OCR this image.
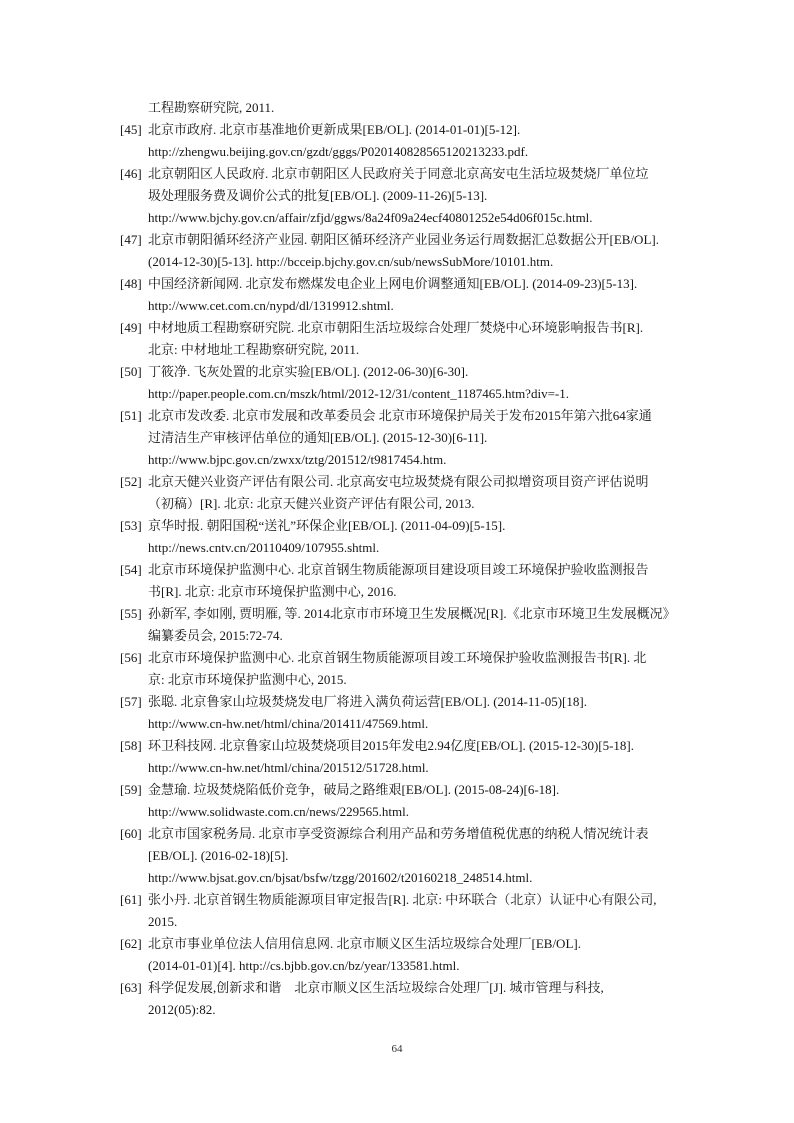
工程勘察研究院, 2011.
[45] 北京市政府. 北京市基准地价更新成果[EB/OL]. (2014-01-01)[5-12].
http://zhengwu.beijing.gov.cn/gzdt/gggs/P020140828565120213233.pdf.
[46] 北京朝阳区人民政府. 北京市朝阳区人民政府关于同意北京高安屯生活垃圾焚烧厂单位垃
圾处理服务费及调价公式的批复[EB/OL]. (2009-11-26)[5-13].
http://www.bjchy.gov.cn/affair/zfjd/ggws/8a24f09a24ecf40801252e54d06f015c.html.
[47] 北京市朝阳循环经济产业园. 朝阳区循环经济产业园业务运行周数据汇总数据公开[EB/OL].
(2014-12-30)[5-13]. http://bcceip.bjchy.gov.cn/sub/newsSubMore/10101.htm.
[48] 中国经济新闻网. 北京发布燃煤发电企业上网电价调整通知[EB/OL]. (2014-09-23)[5-13].
http://www.cet.com.cn/nypd/dl/1319912.shtml.
[49] 中材地质工程勘察研究院. 北京市朝阳生活垃圾综合处理厂焚烧中心环境影响报告书[R].
北京: 中材地址工程勘察研究院, 2011.
[50] 丁筱净. 飞灰处置的北京实验[EB/OL]. (2012-06-30)[6-30].
http://paper.people.com.cn/mszk/html/2012-12/31/content_1187465.htm?div=-1.
[51] 北京市发改委. 北京市发展和改革委员会 北京市环境保护局关于发布2015年第六批64家通
过清洁生产审核评估单位的通知[EB/OL]. (2015-12-30)[6-11].
http://www.bjpc.gov.cn/zwxx/tztg/201512/t9817454.htm.
[52] 北京天健兴业资产评估有限公司. 北京高安屯垃圾焚烧有限公司拟增资项目资产评估说明
（初稿）[R]. 北京: 北京天健兴业资产评估有限公司, 2013.
[53] 京华时报. 朝阳国税“送礼”环保企业[EB/OL]. (2011-04-09)[5-15].
http://news.cntv.cn/20110409/107955.shtml.
[54] 北京市环境保护监测中心. 北京首钢生物质能源项目建设项目竣工环境保护验收监测报告
书[R]. 北京: 北京市环境保护监测中心, 2016.
[55] 孙新军, 李如刚, 贾明雁, 等. 2014北京市市环境卫生发展概况[R].《北京市环境卫生发展概况》
编纂委员会, 2015:72-74.
[56] 北京市环境保护监测中心. 北京首钢生物质能源项目竣工环境保护验收监测报告书[R]. 北
京: 北京市环境保护监测中心, 2015.
[57] 张聪. 北京鲁家山垃圾焚烧发电厂将进入满负荷运营[EB/OL]. (2014-11-05)[18].
http://www.cn-hw.net/html/china/201411/47569.html.
[58] 环卫科技网. 北京鲁家山垃圾焚烧项目2015年发电2.94亿度[EB/OL]. (2015-12-30)[5-18].
http://www.cn-hw.net/html/china/201512/51728.html.
[59] 金慧瑜. 垃圾焚烧陷低价竞争，破局之路维艰[EB/OL]. (2015-08-24)[6-18].
http://www.solidwaste.com.cn/news/229565.html.
[60] 北京市国家税务局. 北京市享受资源综合利用产品和劳务增值税优惠的纳税人情况统计表
[EB/OL]. (2016-02-18)[5].
http://www.bjsat.gov.cn/bjsat/bsfw/tzgg/201602/t20160218_248514.html.
[61] 张小丹. 北京首钢生物质能源项目审定报告[R]. 北京: 中环联合（北京）认证中心有限公司,
2015.
[62] 北京市事业单位法人信用信息网. 北京市顺义区生活垃圾综合处理厂[EB/OL].
(2014-01-01)[4]. http://cs.bjbb.gov.cn/bz/year/133581.html.
[63] 科学促发展,创新求和谐　北京市顺义区生活垃圾综合处理厂[J]. 城市管理与科技,
2012(05):82.
64
